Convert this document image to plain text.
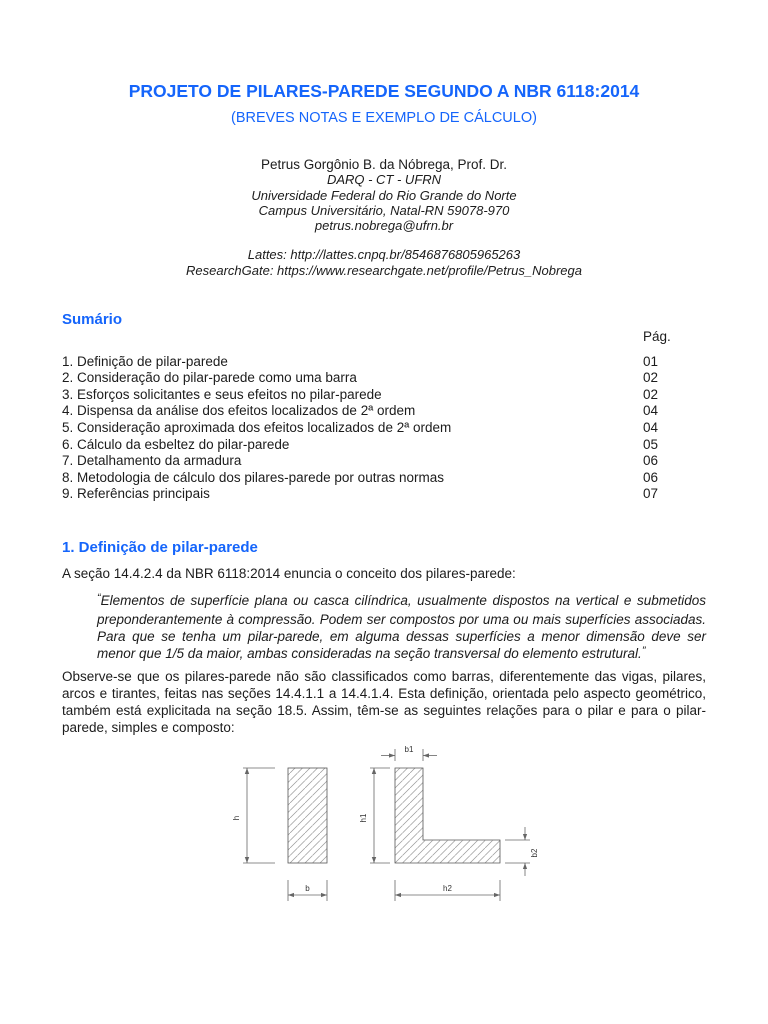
PROJETO DE PILARES-PAREDE SEGUNDO A NBR 6118:2014
(BREVES NOTAS E EXEMPLO DE CÁLCULO)
Petrus Gorgônio B. da Nóbrega, Prof. Dr.
DARQ - CT - UFRN
Universidade Federal do Rio Grande do Norte
Campus Universitário, Natal-RN 59078-970
petrus.nobrega@ufrn.br
Lattes: http://lattes.cnpq.br/8546876805965263
ResearchGate: https://www.researchgate.net/profile/Petrus_Nobrega
Sumário
Pág.
1. Definição de pilar-parede	01
2. Consideração do pilar-parede como uma barra	02
3. Esforços solicitantes e seus efeitos no pilar-parede	02
4. Dispensa da análise dos efeitos localizados de 2ª ordem	04
5. Consideração aproximada dos efeitos localizados de 2ª ordem	04
6. Cálculo da esbeltez do pilar-parede	05
7. Detalhamento da armadura	06
8. Metodologia de cálculo dos pilares-parede por outras normas	06
9. Referências principais	07
1. Definição de pilar-parede

A seção 14.4.2.4 da NBR 6118:2014 enuncia o conceito dos pilares-parede:

“Elementos de superfície plana ou casca cilíndrica, usualmente dispostos na vertical e submetidos preponderantemente à compressão. Podem ser compostos por uma ou mais superfícies associadas. Para que se tenha um pilar-parede, em alguma dessas superfícies a menor dimensão deve ser menor que 1/5 da maior, ambas consideradas na seção transversal do elemento estrutural.”

Observe-se que os pilares-parede não são classificados como barras, diferentemente das vigas, pilares, arcos e tirantes, feitas nas seções 14.4.1.1 a 14.4.1.4. Esta definição, orientada pelo aspecto geométrico, também está explicitada na seção 18.5. Assim, têm-se as seguintes relações para o pilar e para o pilar-parede, simples e composto:

h
b
b1
h1
b2
h2
